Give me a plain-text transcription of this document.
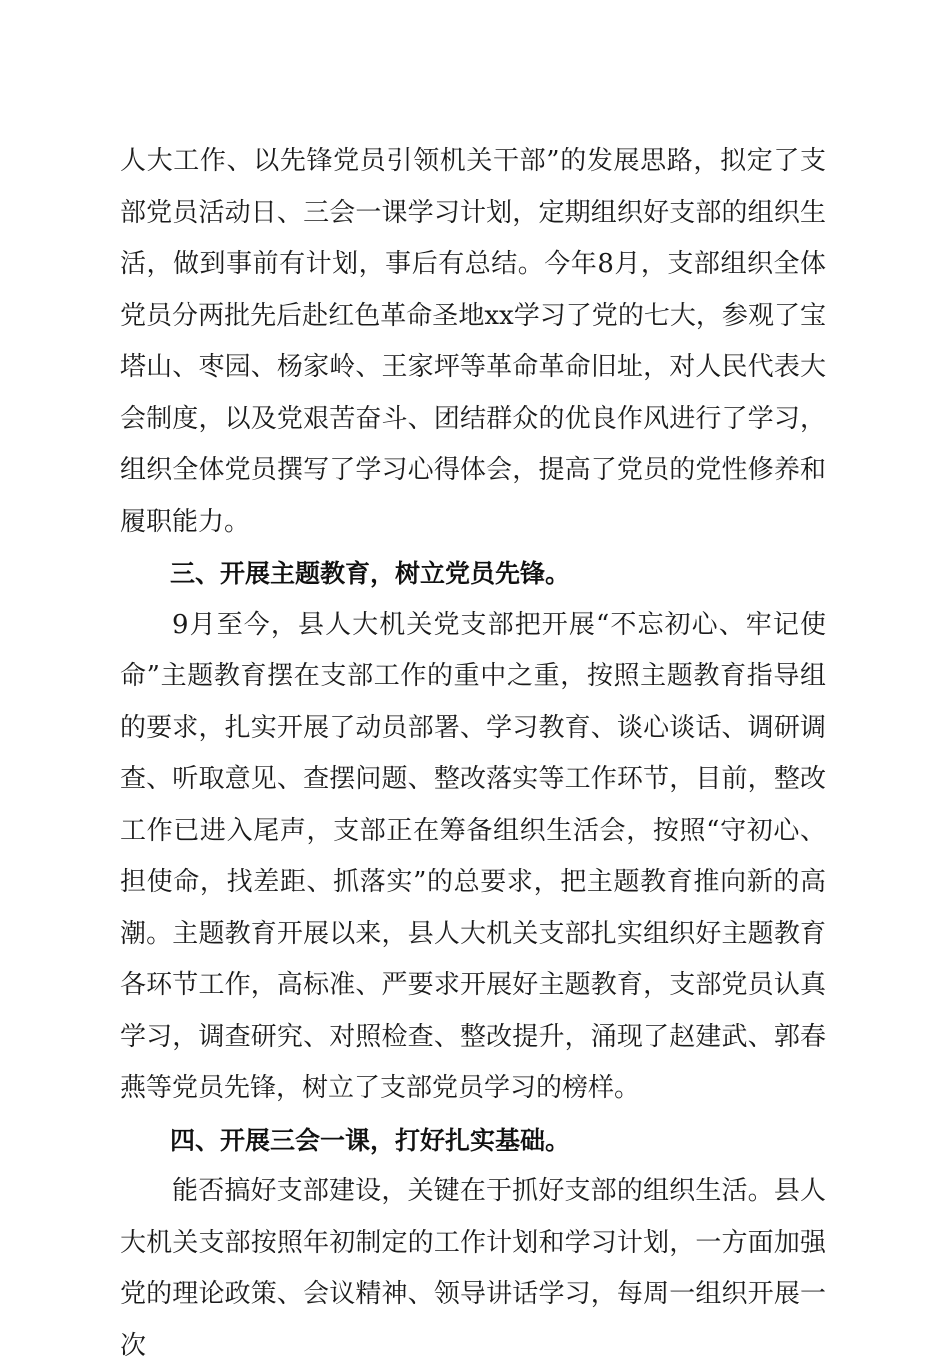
人大工作、以先锋党员引领机关干部”的发展思路，拟定了支部党员活动日、三会一课学习计划，定期组织好支部的组织生活，做到事前有计划，事后有总结。今年8月，支部组织全体党员分两批先后赴红色革命圣地xx学习了党的七大，参观了宝塔山、枣园、杨家岭、王家坪等革命革命旧址，对人民代表大会制度，以及党艰苦奋斗、团结群众的优良作风进行了学习，组织全体党员撰写了学习心得体会，提高了党员的党性修养和履职能力。

三、开展主题教育，树立党员先锋。

9月至今，县人大机关党支部把开展“不忘初心、牢记使命”主题教育摆在支部工作的重中之重，按照主题教育指导组的要求，扎实开展了动员部署、学习教育、谈心谈话、调研调查、听取意见、查摆问题、整改落实等工作环节，目前，整改工作已进入尾声，支部正在筹备组织生活会，按照“守初心、担使命，找差距、抓落实”的总要求，把主题教育推向新的高潮。主题教育开展以来，县人大机关支部扎实组织好主题教育各环节工作，高标准、严要求开展好主题教育，支部党员认真学习，调查研究、对照检查、整改提升，涌现了赵建武、郭春燕等党员先锋，树立了支部党员学习的榜样。

四、开展三会一课，打好扎实基础。

能否搞好支部建设，关键在于抓好支部的组织生活。县人大机关支部按照年初制定的工作计划和学习计划，一方面加强党的理论政策、会议精神、领导讲话学习，每周一组织开展一次
